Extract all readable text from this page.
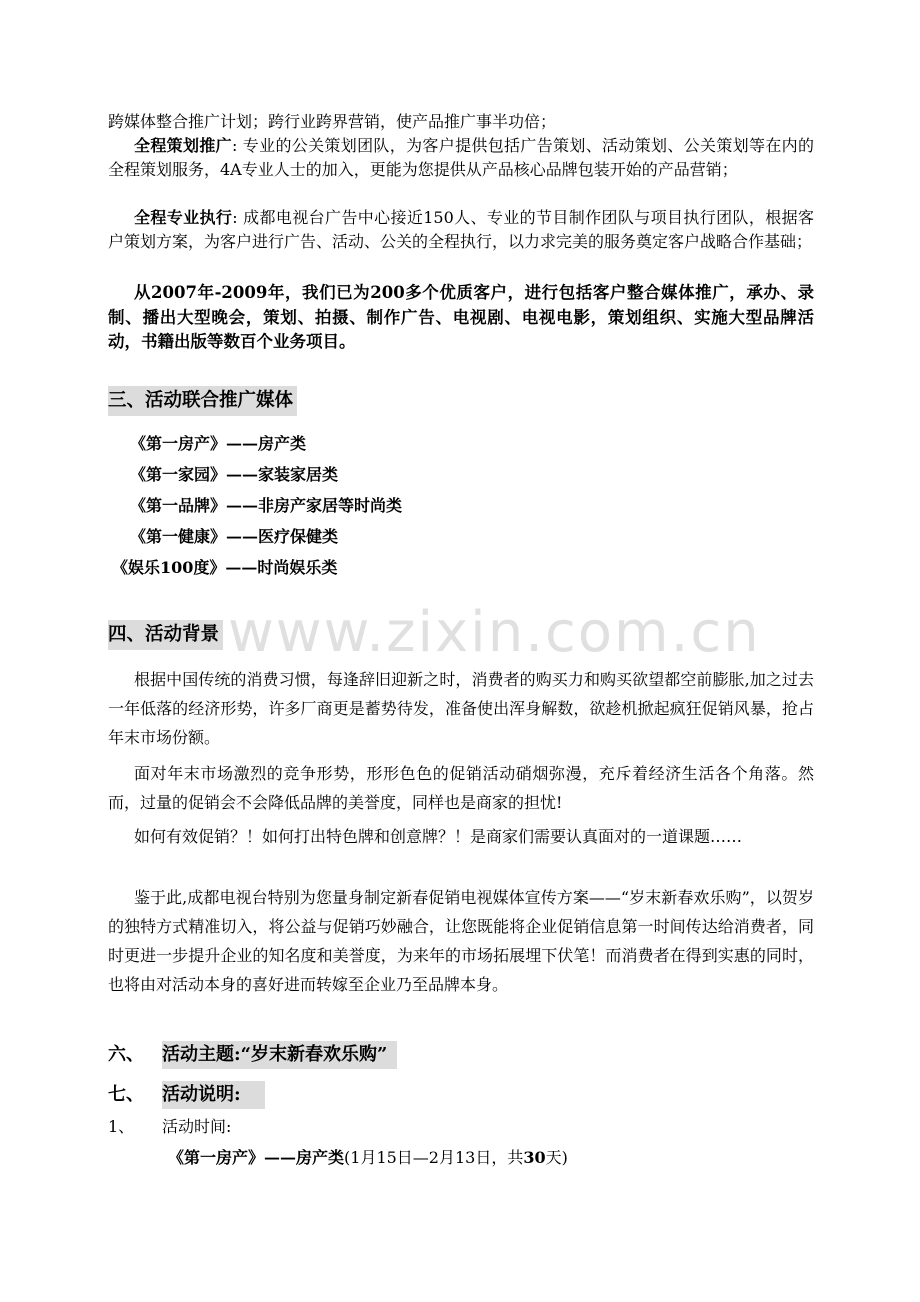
跨媒体整合推广计划；跨行业跨界营销，使产品推广事半功倍；

全程策划推广: 专业的公关策划团队，为客户提供包括广告策划、活动策划、公关策划等在内的全程策划服务，4A专业人士的加入，更能为您提供从产品核心品牌包装开始的产品营销；

全程专业执行: 成都电视台广告中心接近150人、专业的节目制作团队与项目执行团队，根据客户策划方案，为客户进行广告、活动、公关的全程执行，以力求完美的服务奠定客户战略合作基础；

从2007年-2009年，我们已为200多个优质客户，进行包括客户整合媒体推广，承办、录制、播出大型晚会，策划、拍摄、制作广告、电视剧、电视电影，策划组织、实施大型品牌活动，书籍出版等数百个业务项目。

三、活动联合推广媒体

《第一房产》——房产类

《第一家园》——家装家居类

《第一品牌》——非房产家居等时尚类

《第一健康》——医疗保健类

《娱乐100度》——时尚娱乐类

四、活动背景

根据中国传统的消费习惯，每逢辞旧迎新之时，消费者的购买力和购买欲望都空前膨胀,加之过去一年低落的经济形势，许多厂商更是蓄势待发，准备使出浑身解数，欲趁机掀起疯狂促销风暴，抢占年末市场份额。

面对年末市场激烈的竞争形势，形形色色的促销活动硝烟弥漫，充斥着经济生活各个角落。然而，过量的促销会不会降低品牌的美誉度，同样也是商家的担忧!

如何有效促销？！如何打出特色牌和创意牌？！是商家们需要认真面对的一道课题……

鉴于此,成都电视台特别为您量身制定新春促销电视媒体宣传方案——“岁末新春欢乐购”，以贺岁的独特方式精准切入，将公益与促销巧妙融合，让您既能将企业促销信息第一时间传达给消费者，同时更进一步提升企业的知名度和美誉度，为来年的市场拓展埋下伏笔！而消费者在得到实惠的同时，也将由对活动本身的喜好进而转嫁至企业乃至品牌本身。

六、 活动主题:“岁末新春欢乐购”
七、 活动说明:

1、 活动时间:

《第一房产》——房产类(1月15日—2月13日，共30天)

www.zixin.com.cn
